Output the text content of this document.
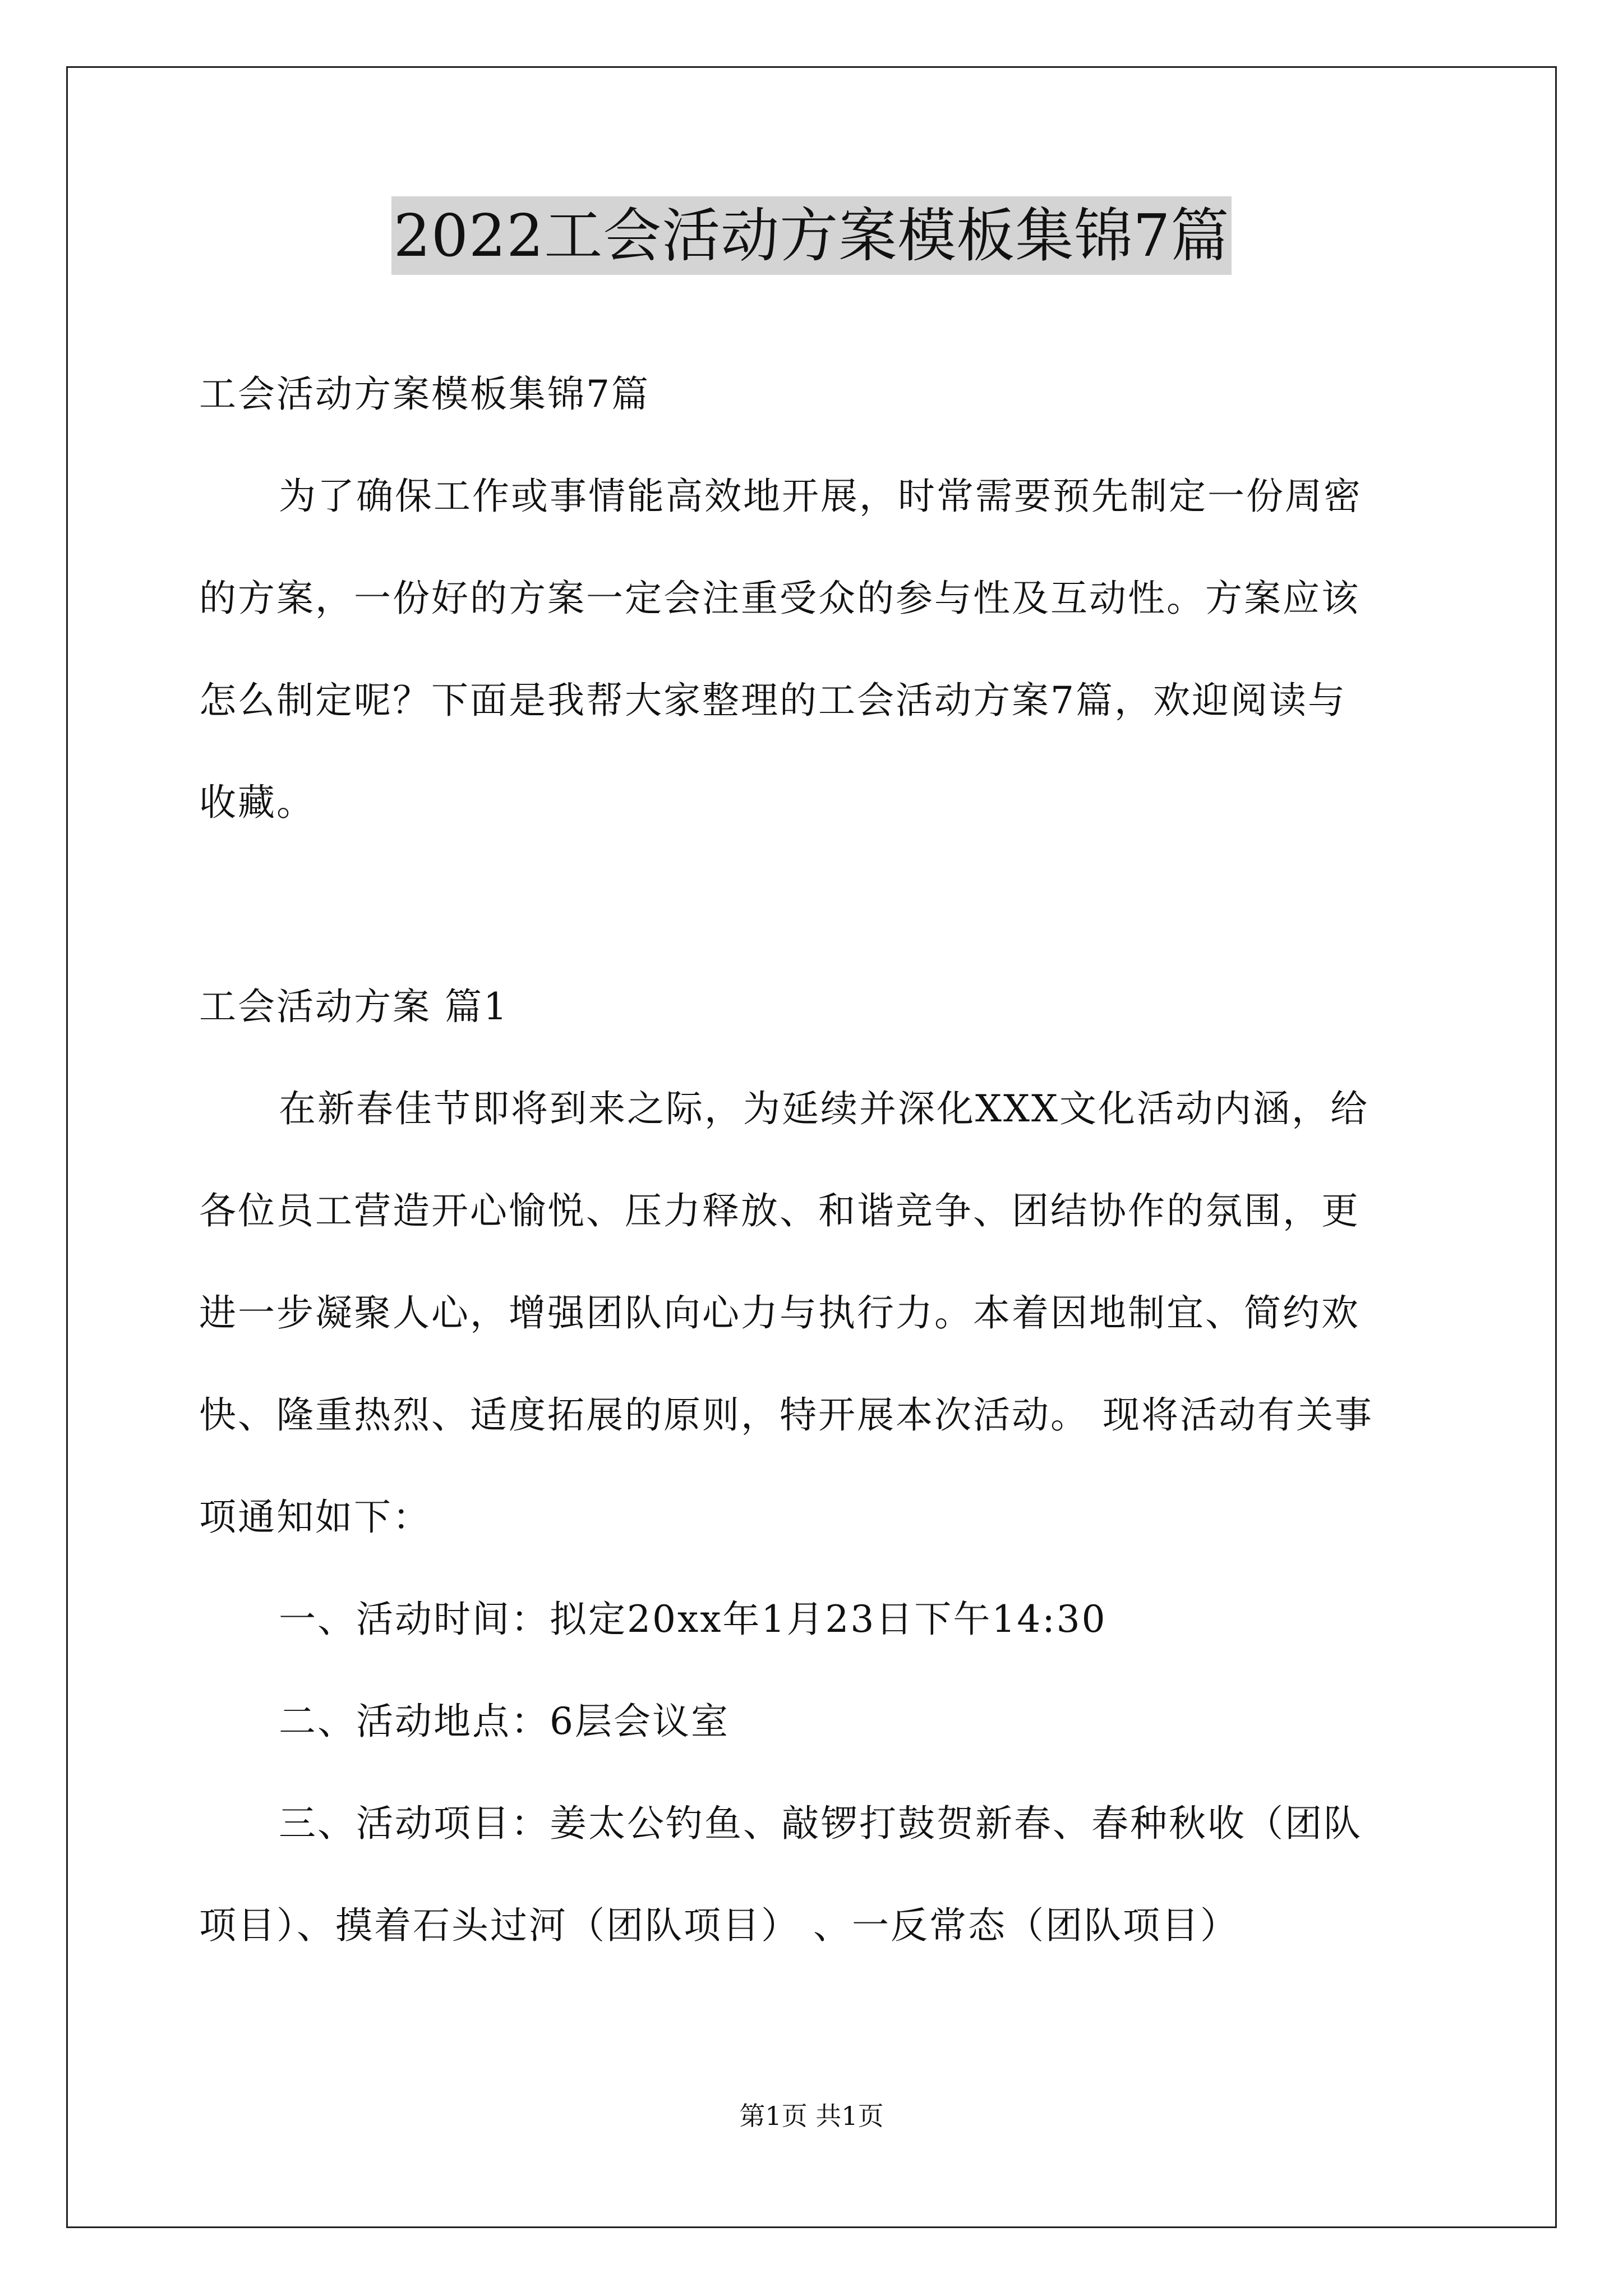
2022工会活动方案模板集锦7篇
工会活动方案模板集锦7篇
为了确保工作或事情能高效地开展，时常需要预先制定一份周密
的方案，一份好的方案一定会注重受众的参与性及互动性。方案应该
怎么制定呢？下面是我帮大家整理的工会活动方案7篇，欢迎阅读与
收藏。
工会活动方案 篇1
在新春佳节即将到来之际，为延续并深化XXX文化活动内涵，给
各位员工营造开心愉悦、压力释放、和谐竞争、团结协作的氛围，更
进一步凝聚人心，增强团队向心力与执行力。本着因地制宜、简约欢
快、隆重热烈、适度拓展的原则，特开展本次活动。 现将活动有关事
项通知如下：
一、活动时间：拟定20xx年1月23日下午14:30
二、活动地点：6层会议室
三、活动项目：姜太公钓鱼、敲锣打鼓贺新春、春种秋收（团队
项目）、摸着石头过河（团队项目） 、一反常态（团队项目）
第1页 共1页
